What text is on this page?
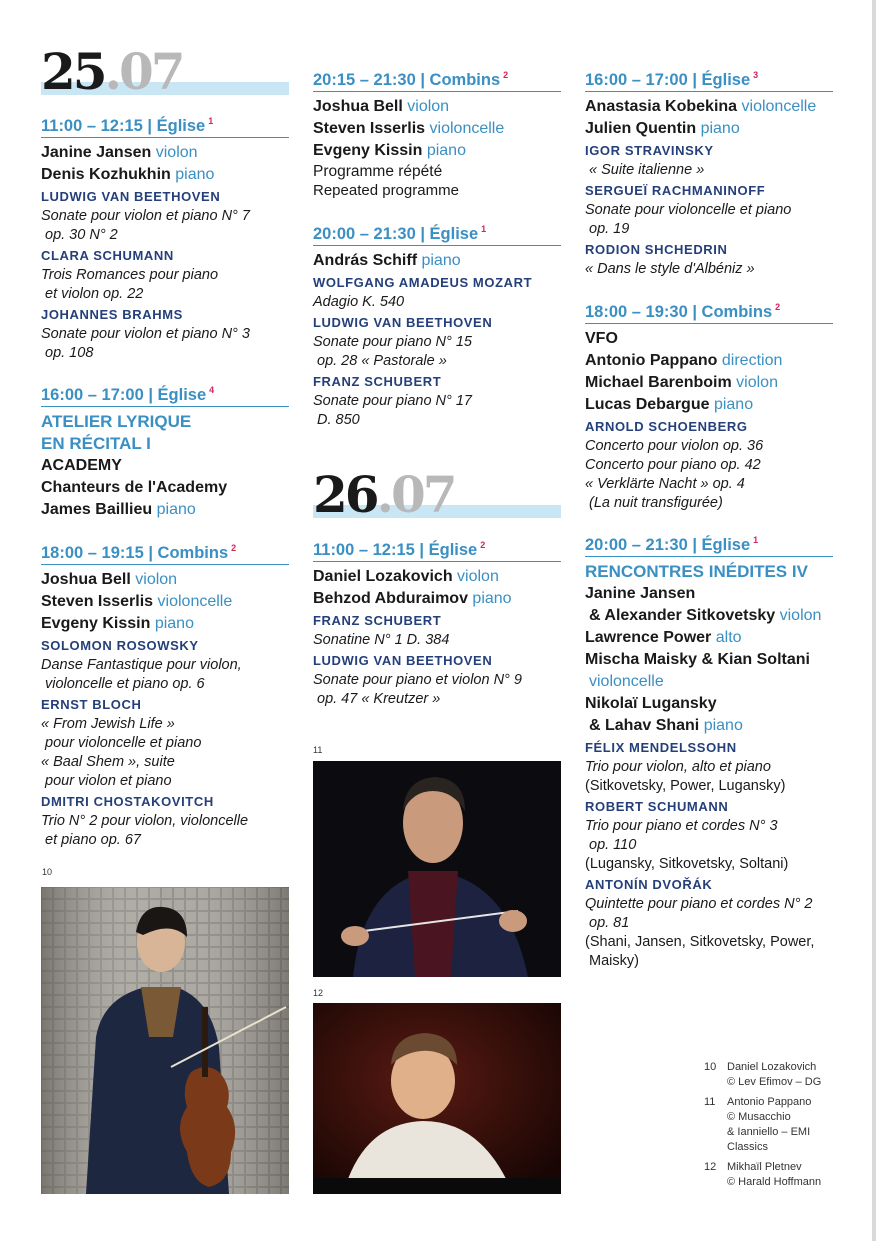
25.07
11:00 – 12:15 | Église $^1$
Janine Jansen violon
Denis Kozhukhin piano
LUDWIG VAN BEETHOVEN
Sonate pour violon et piano N° 7
op. 30 N° 2
CLARA SCHUMANN
Trois Romances pour piano
et violon op. 22
JOHANNES BRAHMS
Sonate pour violon et piano N° 3
op. 108
16:00 – 17:00 | Église $^4$
ATELIER LYRIQUE
EN RÉCITAL I
ACADEMY
Chanteurs de l'Academy
James Baillieu piano
18:00 – 19:15 | Combins $^2$
Joshua Bell violon
Steven Isserlis violoncelle
Evgeny Kissin piano
SOLOMON ROSOWSKY
Danse Fantastique pour violon,
violoncelle et piano op. 6
ERNST BLOCH
« From Jewish Life »
pour violoncelle et piano
« Baal Shem », suite
pour violon et piano
DMITRI CHOSTAKOVITCH
Trio N° 2 pour violon, violoncelle
et piano op. 67
10
20:15 – 21:30 | Combins $^2$
Joshua Bell violon
Steven Isserlis violoncelle
Evgeny Kissin piano
Programme répété
Repeated programme
20:00 – 21:30 | Église $^1$
András Schiff piano
WOLFGANG AMADEUS MOZART
Adagio K. 540
LUDWIG VAN BEETHOVEN
Sonate pour piano N° 15
op. 28 « Pastorale »
FRANZ SCHUBERT
Sonate pour piano N° 17
D. 850
26.07
11:00 – 12:15 | Église $^2$
Daniel Lozakovich violon
Behzod Abduraimov piano
FRANZ SCHUBERT
Sonatine N° 1 D. 384
LUDWIG VAN BEETHOVEN
Sonate pour piano et violon N° 9
op. 47 « Kreutzer »
11
12
16:00 – 17:00 | Église $^3$
Anastasia Kobekina violoncelle
Julien Quentin piano
IGOR STRAVINSKY
« Suite italienne »
SERGUEÏ RACHMANINOFF
Sonate pour violoncelle et piano
op. 19
RODION SHCHEDRIN
« Dans le style d'Albéniz »
18:00 – 19:30 | Combins $^2$
VFO
Antonio Pappano direction
Michael Barenboim violon
Lucas Debargue piano
ARNOLD SCHOENBERG
Concerto pour violon op. 36
Concerto pour piano op. 42
« Verklärte Nacht » op. 4
(La nuit transfigurée)
20:00 – 21:30 | Église $^1$
RENCONTRES INÉDITES IV
Janine Jansen
& Alexander Sitkovetsky violon
Lawrence Power alto
Mischa Maisky & Kian Soltani
violoncelle
Nikolaï Lugansky
& Lahav Shani piano
FÉLIX MENDELSSOHN
Trio pour violon, alto et piano
(Sitkovetsky, Power, Lugansky)
ROBERT SCHUMANN
Trio pour piano et cordes N° 3
op. 110
(Lugansky, Sitkovetsky, Soltani)
ANTONÍN DVOŘÁK
Quintette pour piano et cordes N° 2
op. 81
(Shani, Jansen, Sitkovetsky, Power,
Maisky)
10 Daniel Lozakovich
© Lev Efimov – DG
11 Antonio Pappano
© Musacchio
& Ianniello – EMI
Classics
12 Mikhaïl Pletnev
© Harald Hoffmann
